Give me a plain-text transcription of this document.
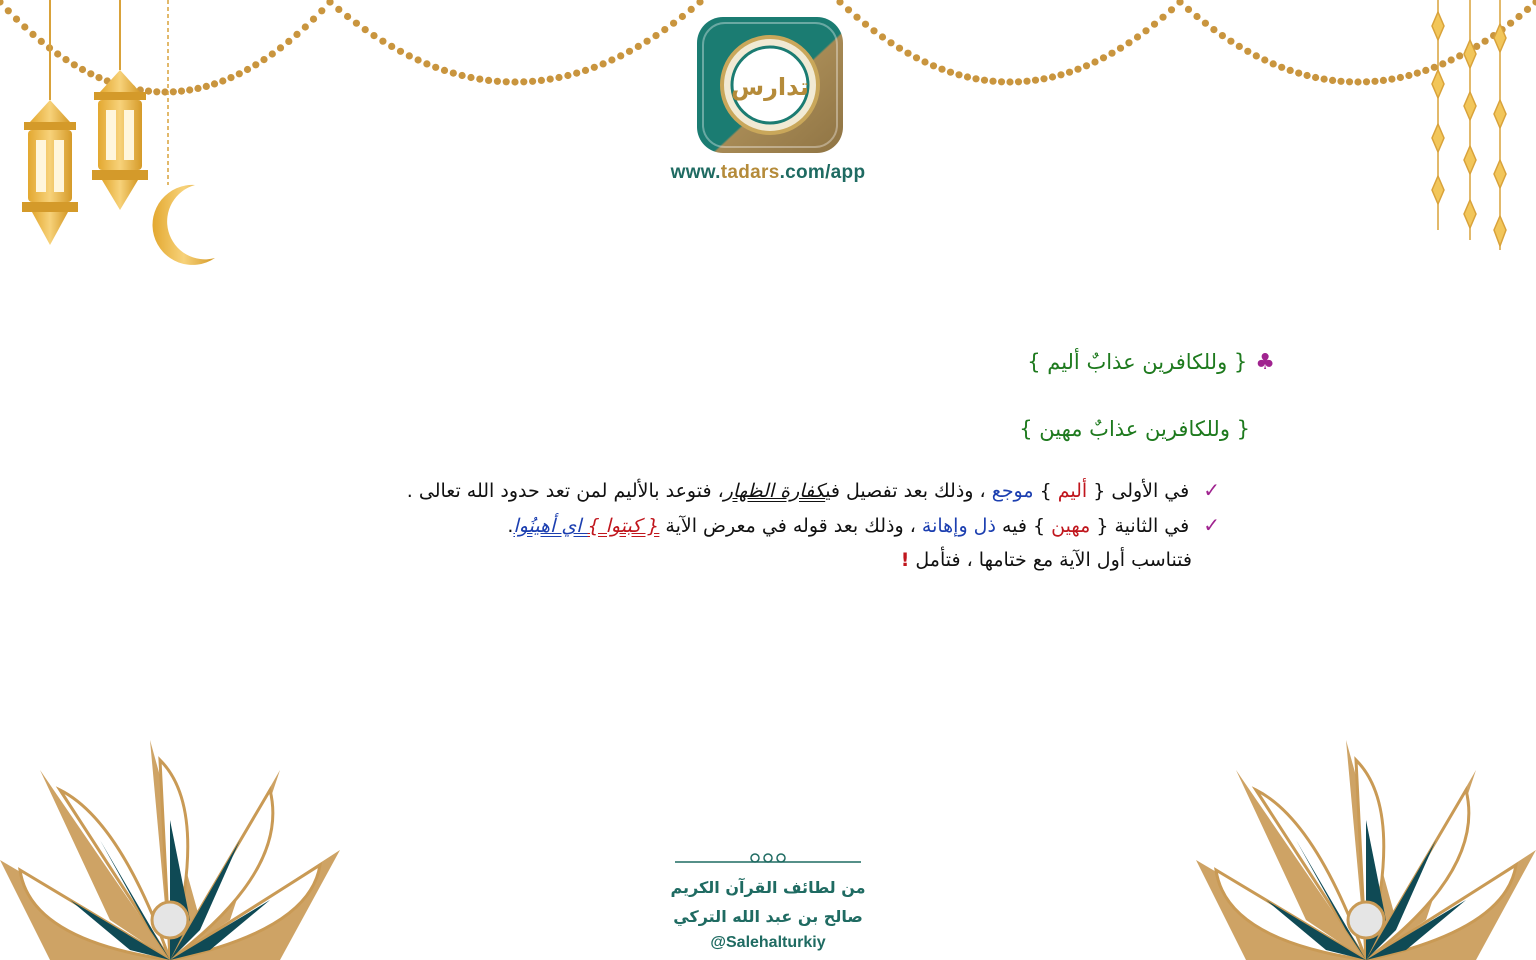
تدارس
www.tadars.com/app
♣{ وللكافرين عذابٌ أليم }
{ وللكافرين عذابٌ مهين }
✓في الأولى { أليم } موجع ، وذلك بعد تفصيل فيكفارة الظهار، فتوعد بالأليم لمن تعد حدود الله تعالى .
✓في الثانية { مهين } فيه ذل وإهانة ، وذلك بعد قوله في معرض الآية { كبتوا } اي أهينُوا.
فتناسب أول الآية مع ختامها ، فتأمل !
من لطائف القرآن الكريم
صالح بن عبد الله التركي
@Salehalturkiy
